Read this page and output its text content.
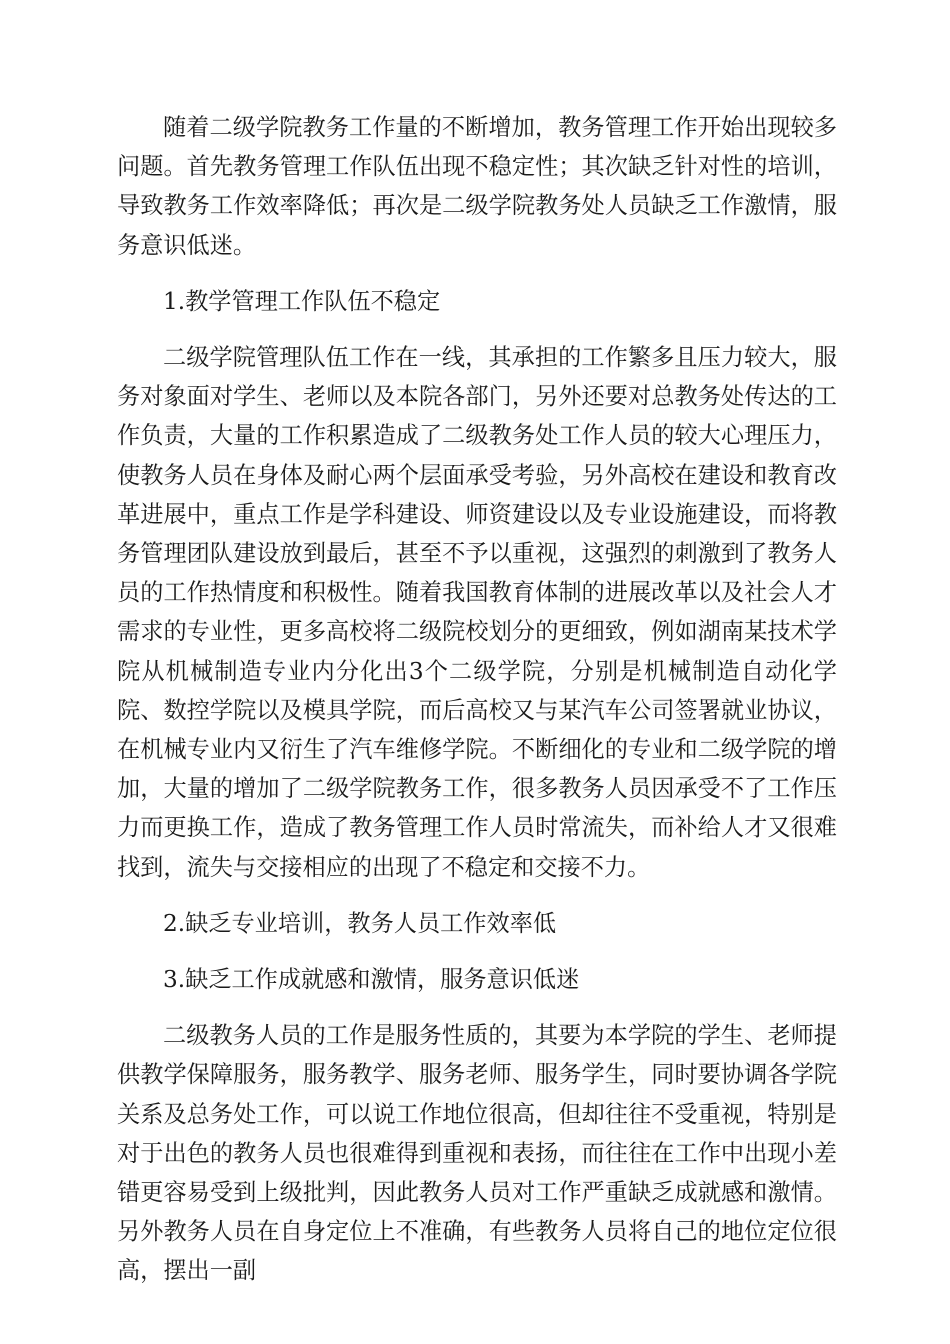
随着二级学院教务工作量的不断增加，教务管理工作开始出现较多问题。首先教务管理工作队伍出现不稳定性；其次缺乏针对性的培训，导致教务工作效率降低；再次是二级学院教务处人员缺乏工作激情，服务意识低迷。

1.教学管理工作队伍不稳定

二级学院管理队伍工作在一线，其承担的工作繁多且压力较大，服务对象面对学生、老师以及本院各部门，另外还要对总教务处传达的工作负责，大量的工作积累造成了二级教务处工作人员的较大心理压力，使教务人员在身体及耐心两个层面承受考验，另外高校在建设和教育改革进展中，重点工作是学科建设、师资建设以及专业设施建设，而将教务管理团队建设放到最后，甚至不予以重视，这强烈的刺激到了教务人员的工作热情度和积极性。随着我国教育体制的进展改革以及社会人才需求的专业性，更多高校将二级院校划分的更细致，例如湖南某技术学院从机械制造专业内分化出3个二级学院，分别是机械制造自动化学院、数控学院以及模具学院，而后高校又与某汽车公司签署就业协议，在机械专业内又衍生了汽车维修学院。不断细化的专业和二级学院的增加，大量的增加了二级学院教务工作，很多教务人员因承受不了工作压力而更换工作，造成了教务管理工作人员时常流失，而补给人才又很难找到，流失与交接相应的出现了不稳定和交接不力。

2.缺乏专业培训，教务人员工作效率低

3.缺乏工作成就感和激情，服务意识低迷

二级教务人员的工作是服务性质的，其要为本学院的学生、老师提供教学保障服务，服务教学、服务老师、服务学生，同时要协调各学院关系及总务处工作，可以说工作地位很高，但却往往不受重视，特别是对于出色的教务人员也很难得到重视和表扬，而往往在工作中出现小差错更容易受到上级批判，因此教务人员对工作严重缺乏成就感和激情。另外教务人员在自身定位上不准确，有些教务人员将自己的地位定位很高，摆出一副
